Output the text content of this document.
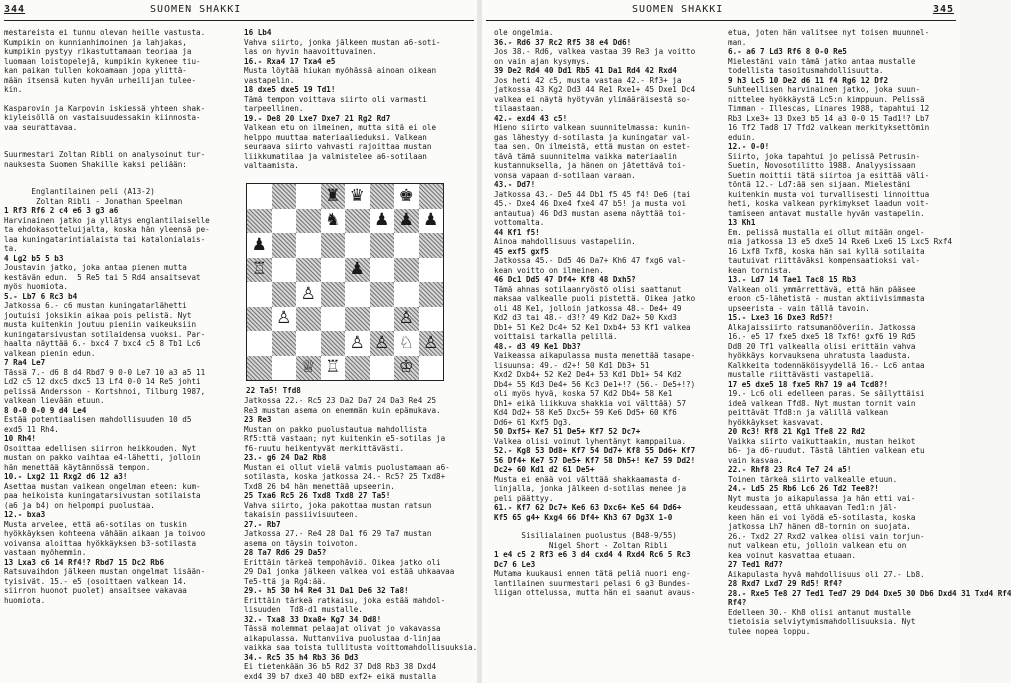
344	SUOMEN SHAKKI

mestareista ei tunnu olevan heille vastusta.

Kumpikin on kunnianhimoinen ja lahjakas,

kumpikin pystyy rikastuttamaan teoriaa ja

luomaan loistopelejä, kumpikin kykenee tiu-

kan paikan tullen kokoamaan jopa ylittä-

mään itsensä kuten hyvän urheilijan tulee-

kin.

Kasparovin ja Karpovin iskiessä yhteen shak-

kiyleisöllä on vastaisuudessakin kiinnosta-

vaa seurattavaa.

Suurmestari Zoltan Ribli on analysoinut tur-

nauksesta Suomen Shakille kaksi peliään:

Englantilainen peli (A13-2)

Zoltan Ribli - Jonathan Speelman

1 Rf3 Rf6 2 c4 e6 3 g3 a6

Harvinainen jatko ja yllätys englantilaiselle

ta ehdokasotteluijalta, koska hän yleensä pe-

laa kuningatarintialaista tai katalonialais-

ta.

4 Lg2 b5 5 b3

Joustavin jatko, joka antaa pienen mutta

kestävän edun.  5 Re5 tai 5 Rd4 ansaitsevat

myös huomiota.

5.- Lb7 6 Rc3 b4

Jatkossa 6.- c6 mustan kuningatarlähetti

joutuisi joksikin aikaa pois pelistä. Nyt

musta kuitenkin joutuu pieniin vaikeuksiin

kuningatarsivustan sotilaidensa vuoksi. Par-

haalta näyttää 6.- bxc4 7 bxc4 c5 8 Tb1 Lc6

valkean pienin edun.

7 Ra4 Le7

Tässä 7.- d6 8 d4 Rbd7 9 0-0 Le7 10 a3 a5 11

Ld2 c5 12 dxc5 dxc5 13 Lf4 0-0 14 Re5 johti

pelissä Andersson - Kortshnoi, Tilburg 1987,

valkean lievään etuun.

8 0-0 0-0 9 d4 Le4

Estää potentiaalisen mahdollisuuden 10 d5

exd5 11 Rh4.

10 Rh4!

Osoittaa edellisen siirron heikkouden. Nyt

mustan on pakko vaihtaa e4-lähetti, jolloin

hän menettää käytännössä tempon.

10.- Lxg2 11 Rxg2 d6 12 a3!

Asettaa mustan vaikean ongelman eteen: kum-

paa heikoista kuningatarsivustan sotilaista

(a6 ja b4) on helpompi puolustaa.

12.- bxa3

Musta arvelee, että a6-sotilas on tuskin

hyökkäyksen kohteena vähään aikaan ja toivoo

voivansa aloittaa hyökkäyksen b3-sotilasta

vastaan myöhemmin.

13 Lxa3 c6 14 Rf4!? Rbd7 15 Dc2 Rb6

Ratsuvaihdon jälkeen mustan ongelmat lisään-

tyisivät. 15.- e5 (osoittaen valkean 14.

siirron huonot puolet) ansaitsee vakavaa

huomiota.

16 Lb4

Vahva siirto, jonka jälkeen mustan a6-soti-

las on hyvin haavoittuvainen.

16.- Rxa4 17 Txa4 e5

Musta löytää hiukan myöhässä ainoan oikean

vastapelin.

18 dxe5 dxe5 19 Td1!

Tämä tempon voittava siirto oli varmasti

tarpeellinen.

19.- De8 20 Lxe7 Dxe7 21 Rg2 Rd7

Valkean etu on ilmeinen, mutta sitä ei ole

helppo muuttaa materiaalieduksi. Valkean

seuraava siirto vahvasti rajoittaa mustan

liikkumatilaa ja valmistelee a6-sotilaan

valtaamista.

♜ ♛ ♚
♞ ♟ ♟ ♟
♟
♖	♟
♙
♙	♙
♙ ♙ ♘ ♙
♕ ♖	♔
22 Ta5! Tfd8

Jatkossa 22.- Rc5 23 Da2 Da7 24 Da3 Re4 25

Re3 mustan asema on enemmän kuin epämukava.

23 Re3

Mustan on pakko puolustautua mahdollista

Rf5:ttä vastaan; nyt kuitenkin e5-sotilas ja

f6-ruutu heikentyvät merkittävästi.

23.- g6 24 Da2 Rb8

Mustan ei ollut vielä valmis puolustamaan a6-

sotilasta, koska jatkossa 24.- Rc5? 25 Txd8+

Txd8 26 b4 hän menettää upseerin.

25 Txa6 Rc5 26 Txd8 Txd8 27 Ta5!

Vahva siirto, joka pakottaa mustan ratsun

takaisin passiivisuuteen.

27.- Rb7

Jatkossa 27.- Re4 28 Da1 f6 29 Ta7 mustan

asema on täysin toivoton.

28 Ta7 Rd6 29 Da5?

Erittäin tärkeä tempohäviö. Oikea jatko oli

29 Da1 jonka jälkeen valkea voi estää uhkaavaa

Te5-ttä ja Rg4:ää.

29.- h5 30 h4 Re4 31 Da1 De6 32 Ta8!

Erittäin tärkeä ratkaisu, joka estää mahdol-

lisuuden  Td8-d1 mustalle.

32.- Txa8 33 Dxa8+ Kg7 34 Dd8!

Tässä molemmat pelaajat olivat jo vakavassa

aikapulassa. Nuttanviiva puolustaa d-linjaa

vaikka saa toista tullitusta voittomahdollisuuksia.

34.- Rc5 35 h4 Rb3 36 Dd3

Ei tietenkään 36 b5 Rd2 37 Dd8 Rb3 38 Dxd4

exd4 39 b7 dxe3 40 b8D exf2+ eikä mustalla

SUOMEN SHAKKI	345

ole ongelmia.

36.- Rd6 37 Rc2 Rf5 38 e4 Dd6!

Jos 38.- Rd6, valkea vastaa 39 Re3 ja voitto

on vain ajan kysymys.

39 De2 Rd4 40 Dd1 Rb5 41 Da1 Rd4 42 Rxd4

Jos heti 42 c5, musta vastaa 42.- Rf3+ ja

jatkossa 43 Kg2 Dd3 44 Re1 Rxe1+ 45 Dxe1 Dc4

valkea ei näytä hyötyvän ylimääräisestä so-

tilaastaan.

42.- exd4 43 c5!

Hieno siirto valkean suunnitelmassa: kunin-

gas lähestyy d-sotilasta ja kuningatar val-

taa sen. On ilmeistä, että mustan on estet-

tävä tämä suunnitelma vaikka materiaalin

kustannuksella, ja hänen on jätettävä toi-

vonsa vapaan d-sotilaan varaan.

43.- Dd7!

Jatkossa 43.- De5 44 Db1 f5 45 f4! De6 (tai

45.- Dxe4 46 Dxe4 fxe4 47 b5! ja musta voi

antautua) 46 Dd3 mustan asema näyttää toi-

vottomalta.

44 Kf1 f5!

Ainoa mahdollisuus vastapeliin.

45 exf5 gxf5

Jatkossa 45.- Dd5 46 Da7+ Kh6 47 fxg6 val-

kean voitto on ilmeinen.

46 Dc1 Dd5 47 Df4+ Kf8 48 Dxh5?

Tämä ahnas sotilaanryöstö olisi saattanut

maksaa valkealle puoli pistettä. Oikea jatko

oli 48 Ke1, jolloin jatkossa 48.- De4+ 49

Kd2 d3 tai 48.- d3!? 49 Kd2 Da2+ 50 Kxd3

Db1+ 51 Ke2 Dc4+ 52 Ke1 Dxb4+ 53 Kf1 valkea

voittaisi tarkalla pelillä.

48.- d3 49 Ke1 Db3?

Vaikeassa aikapulassa musta menettää tasape-

lisuunsa: 49.- d2+! 50 Kd1 Db3+ 51

Kxd2 Dxb4+ 52 Ke2 De4+ 53 Kd1 Db1+ 54 Kd2

Db4+ 55 Kd3 De4+ 56 Kc3 De1+!? (56.- De5+!?)

oli myös hyvä, koska 57 Kd2 Db4+ 58 Ke1

Dh1+ eikä liikkuva shakkia voi välttää) 57

Kd4 Dd2+ 58 Ke5 Dxc5+ 59 Ke6 Dd5+ 60 Kf6

Dd6+ 61 Kxf5 Dg3.

50 Dxf5+ Ke7 51 De5+ Kf7 52 Dc7+

Valkea olisi voinut lyhentänyt kamppailua.

52.- Kg8 53 Dd8+ Kf7 54 Dd7+ Kf8 55 Dd6+ Kf7

56 Df4+ Ke7 57 De5+ Kf7 58 Dh5+! Ke7 59 Dd2!

Dc2+ 60 Kd1 d2 61 De5+

Musta ei enää voi välttää shakkaamasta d-

linjalla, jonka jälkeen d-sotilas menee ja

peli päättyy.

61.- Kf7 62 Dc7+ Ke6 63 Dxc6+ Ke5 64 Dd6+

Kf5 65 g4+ Kxg4 66 Df4+ Kh3 67 Dg3X 1-0

Sisilialainen puolustus (B48-9/55)

Nigel Short - Zoltan Ribli

1 e4 c5 2 Rf3 e6 3 d4 cxd4 4 Rxd4 Rc6 5 Rc3

Dc7 6 Le3

Mutama kuukausi ennen tätä peliä nuori eng-

lantilainen suurmestari pelasi 6 g3 Bundes-

liigan ottelussa, mutta hän ei saanut avaus-

etua, joten hän valitsee nyt toisen muunnel-

man.

6.- a6 7 Ld3 Rf6 8 0-0 Re5

Mielestäni vain tämä jatko antaa mustalle

todellista tasoitusmahdollisuutta.

9 h3 Lc5 10 De2 d6 11 f4 Rg6 12 Df2

Suhteellisen harvinainen jatko, joka suun-

nittelee hyökkäystä Lc5:n kimppuun. Pelissä

Timman - Illescas, Linares 1988, tapahtui 12

Rb3 Lxe3+ 13 Dxe3 b5 14 a3 0-0 15 Tad1!? Lb7

16 Tf2 Tad8 17 Tfd2 valkean merkityksettömin

eduin.

12.- 0-0!

Siirto, joka tapahtui jo pelissä Petrusin-

Suetin, Novosotilitto 1988. Analyysissaan

Suetin moittii tätä siirtoa ja esittää väli-

töntä 12.- Ld7:ää sen sijaan. Mielestäni

kuitenkin musta voi turvallisesti linnoittua

heti, koska valkean pyrkimykset laadun voit-

tamiseen antavat mustalle hyvän vastapelin.

13 Kh1

Em. pelissä mustalla ei ollut mitään ongel-

mia jatkossa 13 e5 dxe5 14 Rxe6 Lxe6 15 Lxc5 Rxf4

16 Lxf8 Txf8, koska hän sai kyllä sotilaita

tautuivat riittäväksi kompensaatioksi val-

kean tornista.

13.- Ld7 14 Tae1 Tac8 15 Rb3

Valkean oli ymmärrettävä, että hän pääsee

eroon c5-lähetistä - mustan aktiivisimmasta

upseerista - vain tällä tavoin.

15.- Lxe3 16 Dxe3 Rd5?!

Alkajaissiirto ratsumanööveriin. Jatkossa

16.- e5 17 fxe5 dxe5 18 Txf6! gxf6 19 Rd5

Dd8 20 Tf1 valkealla olisi erittäin vahva

hyökkäys korvauksena uhratusta laadusta.

Kalkkeita todennäköisyydellä 16.- Lc6 antaa

mustalle riittävästi vastapeliä.

17 e5 dxe5 18 fxe5 Rh7 19 a4 Tcd8?!

19.- Lc6 oli edelleen paras. Se säilyttäisi

ideä valkean Tfd8. Nyt mustan tornit vain

peittävät Tfd8:n ja välillä valkean

hyökkäykset kasvavat.

20 Rc3! Rf8 21 Kg1 Tfe8 22 Rd2

Vaikka siirto vaikuttaakin, mustan heikot

b6- ja d6-ruudut. Tästä lähtien valkean etu

vain kasvaa.

22.- Rhf8 23 Rc4 Te7 24 a5!

Toinen tärkeä siirto valkealle etuun.

24.- Ld5 25 Rb6 Lc6 26 Td2 Tee8?!

Nyt musta jo aikapulassa ja hän etti vai-

keudessaan, että uhkaavan Ted1:n jäl-

keen hän ei voi lyödä e5-sotilasta, koska

jatkossa Lh7 hänen d8-tornin on suojata.

26.- Txd2 27 Rxd2 valkea olisi vain torjun-

nut valkean etu, jolloin valkean etu on

kea voinut kasvattaa etuaan.

27 Ted1 Rd7?

Aikapulasta hyvä mahdollisuus oli 27.- Lb8.

28 Rxd7 Lxd7 29 Rd5! Rf4?

28.- Rxe5 Te8 27 Ted1 Ted7 29 Dd4 Dxe5 30 Db6 Dxd4 31 Txd4 Rf4

Rf4?

Edelleen 30.- Kh8 olisi antanut mustalle

tietoisia selviytymismahdollisuuksia. Nyt

tulee nopea loppu.
